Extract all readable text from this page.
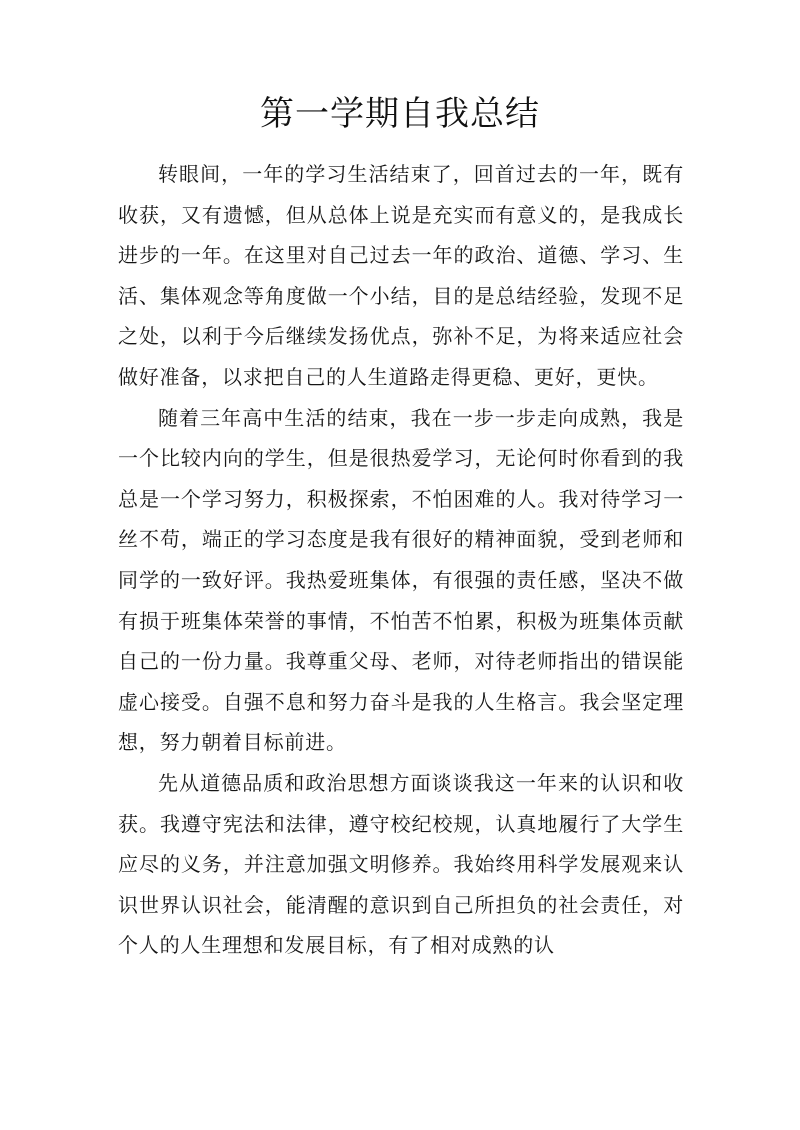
第一学期自我总结

转眼间，一年的学习生活结束了，回首过去的一年，既有收获，又有遗憾，但从总体上说是充实而有意义的，是我成长进步的一年。在这里对自己过去一年的政治、道德、学习、生活、集体观念等角度做一个小结，目的是总结经验，发现不足之处，以利于今后继续发扬优点，弥补不足，为将来适应社会做好准备，以求把自己的人生道路走得更稳、更好，更快。

随着三年高中生活的结束，我在一步一步走向成熟，我是一个比较内向的学生，但是很热爱学习，无论何时你看到的我总是一个学习努力，积极探索，不怕困难的人。我对待学习一丝不苟，端正的学习态度是我有很好的精神面貌，受到老师和同学的一致好评。我热爱班集体，有很强的责任感，坚决不做有损于班集体荣誉的事情，不怕苦不怕累，积极为班集体贡献自己的一份力量。我尊重父母、老师，对待老师指出的错误能虚心接受。自强不息和努力奋斗是我的人生格言。我会坚定理想，努力朝着目标前进。

先从道德品质和政治思想方面谈谈我这一年来的认识和收获。我遵守宪法和法律，遵守校纪校规，认真地履行了大学生应尽的义务，并注意加强文明修养。我始终用科学发展观来认识世界认识社会，能清醒的意识到自己所担负的社会责任，对个人的人生理想和发展目标，有了相对成熟的认
